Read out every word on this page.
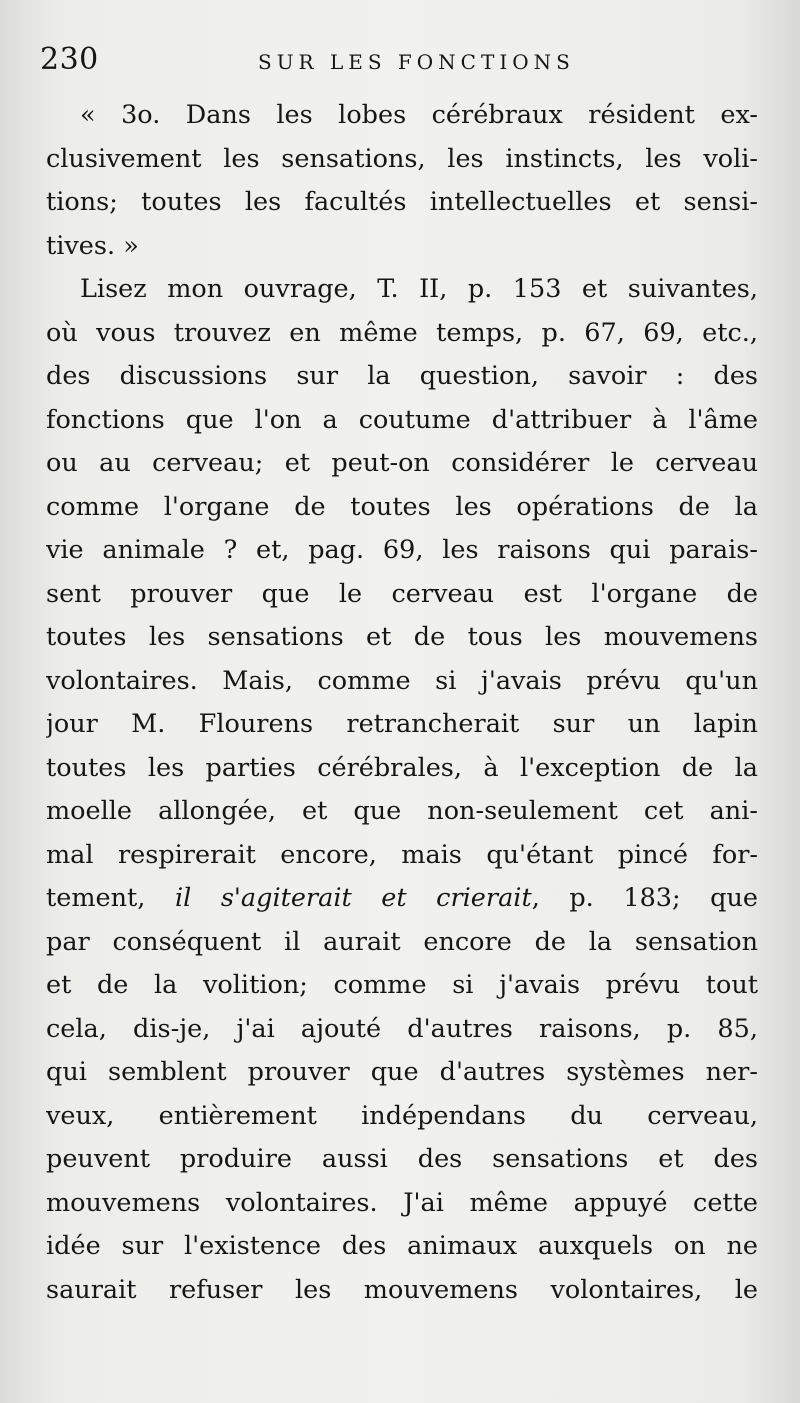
230	SUR LES FONCTIONS
« 3o. Dans les lobes cérébraux résident ex-
clusivement les sensations, les instincts, les voli-
tions; toutes les facultés intellectuelles et sensi-
tives. »
Lisez mon ouvrage, T. II, p. 153 et suivantes,
où vous trouvez en même temps, p. 67, 69, etc.,
des discussions sur la question, savoir : des
fonctions que l'on a coutume d'attribuer à l'âme
ou au cerveau; et peut-on considérer le cerveau
comme l'organe de toutes les opérations de la
vie animale ? et, pag. 69, les raisons qui parais-
sent prouver que le cerveau est l'organe de
toutes les sensations et de tous les mouvemens
volontaires. Mais, comme si j'avais prévu qu'un
jour M. Flourens retrancherait sur un lapin
toutes les parties cérébrales, à l'exception de la
moelle allongée, et que non-seulement cet ani-
mal respirerait encore, mais qu'étant pincé for-
tement, il s'agiterait et crierait, p. 183; que
par conséquent il aurait encore de la sensation
et de la volition; comme si j'avais prévu tout
cela, dis-je, j'ai ajouté d'autres raisons, p. 85,
qui semblent prouver que d'autres systèmes ner-
veux, entièrement indépendans du cerveau,
peuvent produire aussi des sensations et des
mouvemens volontaires. J'ai même appuyé cette
idée sur l'existence des animaux auxquels on ne
saurait refuser les mouvemens volontaires, le
